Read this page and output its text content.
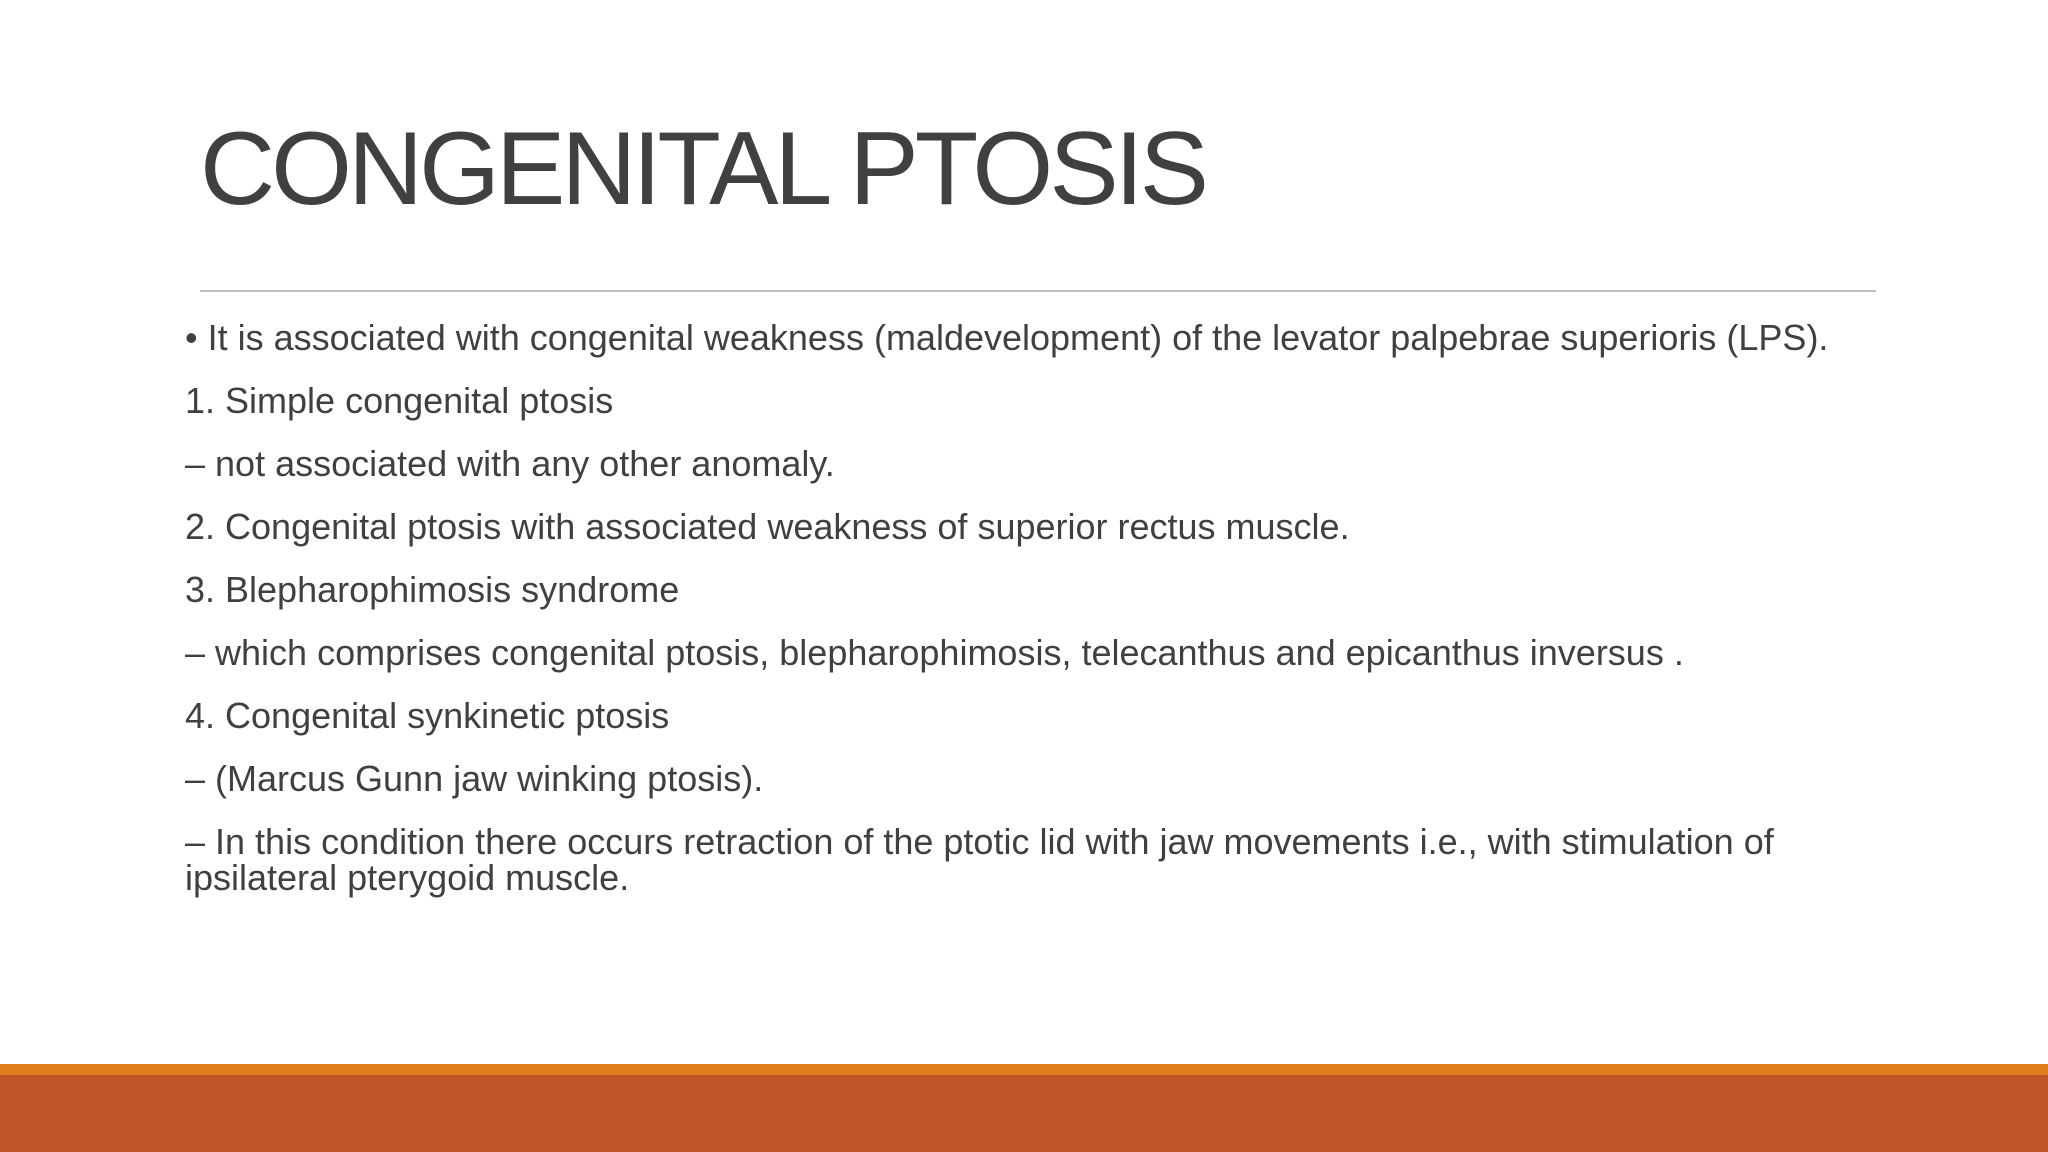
CONGENITAL PTOSIS

• It is associated with congenital weakness (maldevelopment) of the levator palpebrae superioris (LPS).

1. Simple congenital ptosis

– not associated with any other anomaly.

2. Congenital ptosis with associated weakness of superior rectus muscle.

3. Blepharophimosis syndrome

– which comprises congenital ptosis, blepharophimosis, telecanthus and epicanthus inversus .

4. Congenital synkinetic ptosis

– (Marcus Gunn jaw winking ptosis).

– In this condition there occurs retraction of the ptotic lid with jaw movements i.e., with stimulation of ipsilateral pterygoid muscle.
